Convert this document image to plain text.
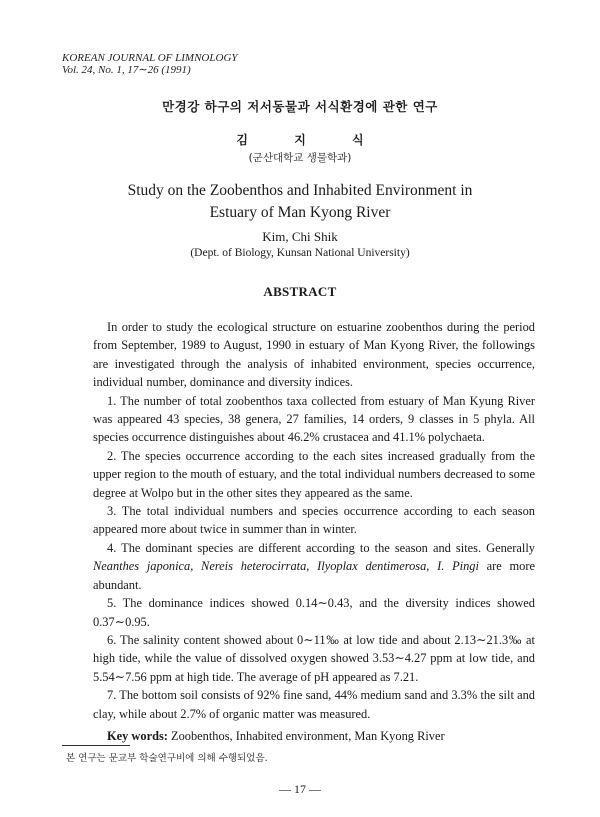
KOREAN JOURNAL OF LIMNOLOGY
Vol. 24, No. 1, 17∼26 (1991)
만경강 하구의 저서동물과 서식환경에 관한 연구
김 지 식
(군산대학교 생물학과)
Study on the Zoobenthos and Inhabited Environment in
Estuary of Man Kyong River
Kim, Chi Shik
(Dept. of Biology, Kunsan National University)
ABSTRACT

In order to study the ecological structure on estuarine zoobenthos during the period from September, 1989 to August, 1990 in estuary of Man Kyong River, the followings are investigated through the analysis of inhabited environment, species occurrence, individual number, dominance and diversity indices.

1. The number of total zoobenthos taxa collected from estuary of Man Kyung River was appeared 43 species, 38 genera, 27 families, 14 orders, 9 classes in 5 phyla. All species occurrence distinguishes about 46.2% crustacea and 41.1% polychaeta.

2. The species occurrence according to the each sites increased gradually from the upper region to the mouth of estuary, and the total individual numbers decreased to some degree at Wolpo but in the other sites they appeared as the same.

3. The total individual numbers and species occurrence according to each season appeared more about twice in summer than in winter.

4. The dominant species are different according to the season and sites. Generally Neanthes japonica, Nereis heterocirrata, Ilyoplax dentimerosa, I. Pingi are more abundant.

5. The dominance indices showed 0.14∼0.43, and the diversity indices showed 0.37∼0.95.

6. The salinity content showed about 0∼11‰ at low tide and about 2.13∼21.3‰ at high tide, while the value of dissolved oxygen showed 3.53∼4.27 ppm at low tide, and 5.54∼7.56 ppm at high tide. The average of pH appeared as 7.21.

7. The bottom soil consists of 92% fine sand, 44% medium sand and 3.3% the silt and clay, while about 2.7% of organic matter was measured.

Key words: Zoobenthos, Inhabited environment, Man Kyong River

본 연구는 문교부 학술연구비에 의해 수행되었음.
— 17 —
